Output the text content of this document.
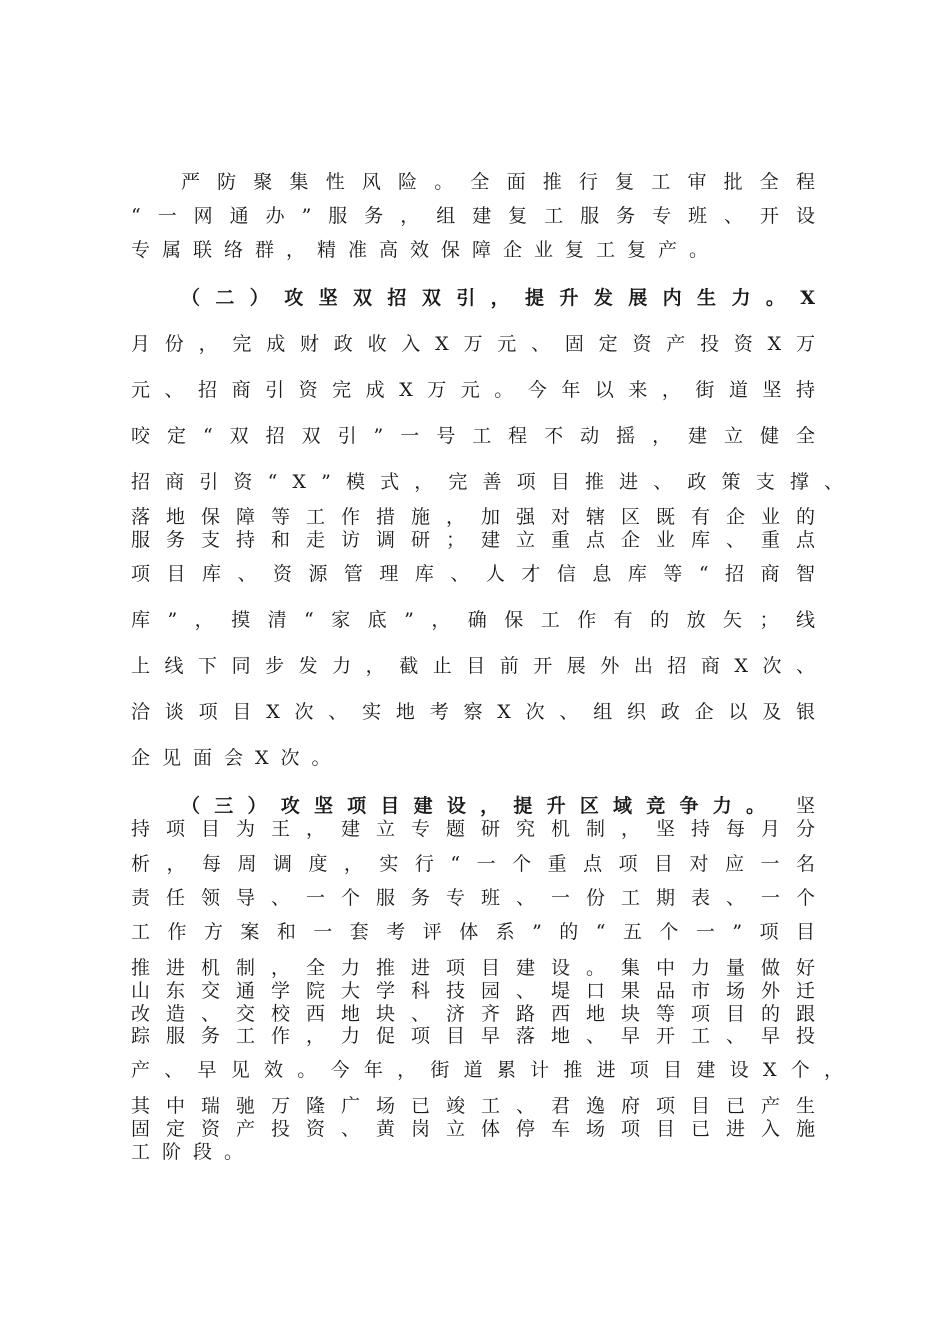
严防聚集性风险。全面推行复工审批全程
“一网通办”服务，组建复工服务专班、开设
专属联络群，精准高效保障企业复工复产。
（二）攻坚双招双引，提升发展内生力。X
月份，完成财政收入X万元、固定资产投资X万
元、招商引资完成X万元。今年以来，街道坚持
咬定“双招双引”一号工程不动摇，建立健全
招商引资“X”模式，完善项目推进、政策支撑、
落地保障等工作措施，加强对辖区既有企业的
服务支持和走访调研；建立重点企业库、重点
项目库、资源管理库、人才信息库等“招商智
库”，摸清“家底”，确保工作有的放矢；线
上线下同步发力，截止目前开展外出招商X次、
洽谈项目X次、实地考察X次、组织政企以及银
企见面会X次。
（三）攻坚项目建设，提升区域竞争力。 坚
持项目为王，建立专题研究机制，坚持每月分
析，每周调度，实行“一个重点项目对应一名
责任领导、一个服务专班、一份工期表、一个
工作方案和一套考评体系”的“五个一”项目
推进机制，全力推进项目建设。集中力量做好
山东交通学院大学科技园、堤口果品市场外迁
改造、交校西地块、济齐路西地块等项目的跟
踪服务工作，力促项目早落地、早开工、早投
产、早见效。今年，街道累计推进项目建设X个，
其中瑞驰万隆广场已竣工、君逸府项目已产生
固定资产投资、黄岗立体停车场项目已进入施
工阶段。
